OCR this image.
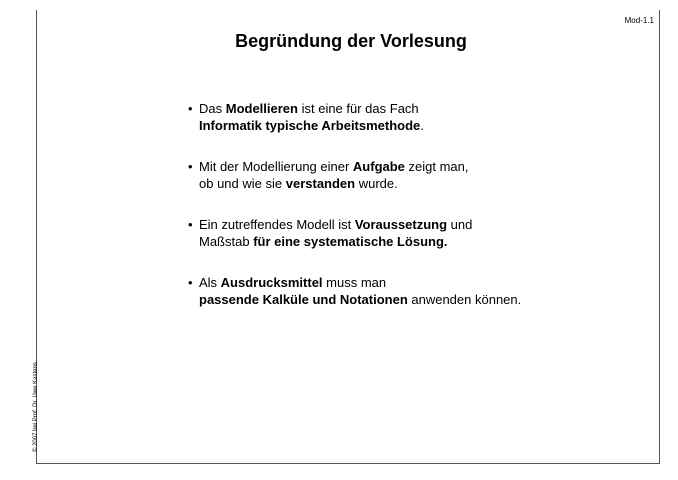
Mod-1.1
Begründung der Vorlesung
© 2007 bei Prof. Dr. Uwe Kastens
• Das Modellieren ist eine für das Fach
Informatik typische Arbeitsmethode.
• Mit der Modellierung einer Aufgabe zeigt man,
ob und wie sie verstanden wurde.
• Ein zutreffendes Modell ist Voraussetzung und
Maßstab für eine systematische Lösung.
• Als Ausdrucksmittel muss man
passende Kalküle und Notationen anwenden können.
